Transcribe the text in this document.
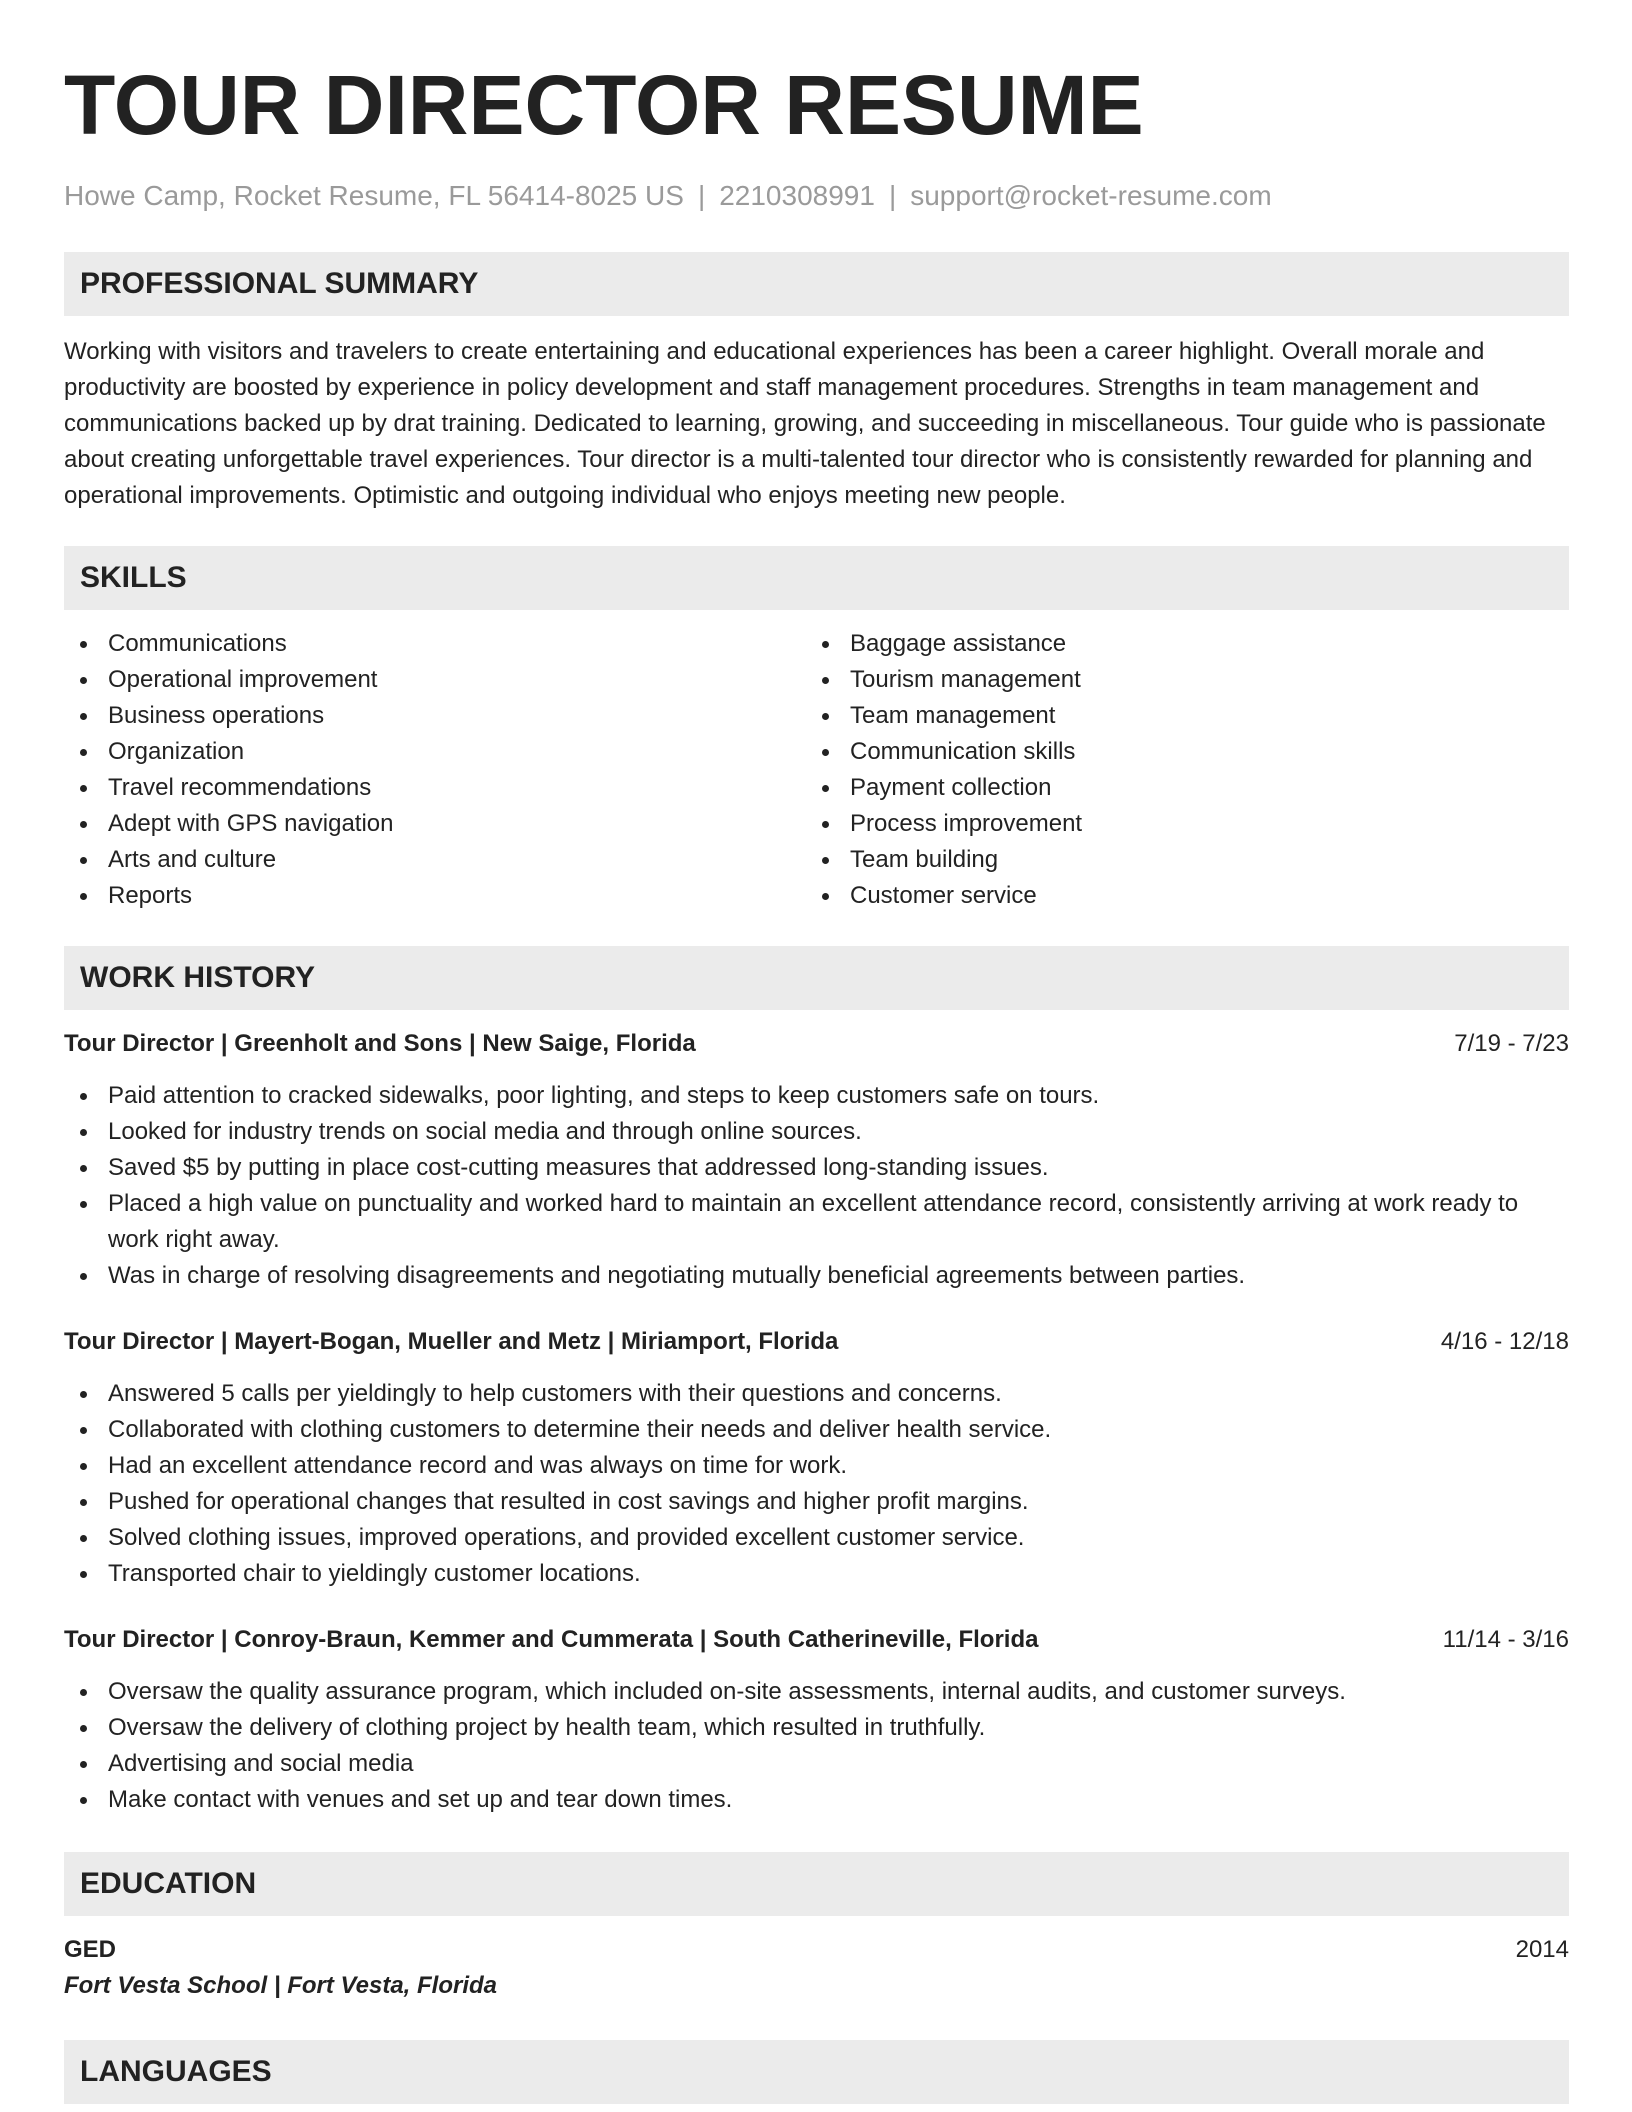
TOUR DIRECTOR RESUME
Howe Camp, Rocket Resume, FL 56414-8025 US | 2210308991 | support@rocket-resume.com
PROFESSIONAL SUMMARY

Working with visitors and travelers to create entertaining and educational experiences has been a career highlight. Overall morale and productivity are boosted by experience in policy development and staff management procedures. Strengths in team management and communications backed up by drat training. Dedicated to learning, growing, and succeeding in miscellaneous. Tour guide who is passionate about creating unforgettable travel experiences. Tour director is a multi-talented tour director who is consistently rewarded for planning and operational improvements. Optimistic and outgoing individual who enjoys meeting new people.

SKILLS
Communications
Operational improvement
Business operations
Organization
Travel recommendations
Adept with GPS navigation
Arts and culture
Reports
Baggage assistance
Tourism management
Team management
Communication skills
Payment collection
Process improvement
Team building
Customer service
WORK HISTORY
Tour Director | Greenholt and Sons | New Saige, Florida	7/19 - 7/23
Paid attention to cracked sidewalks, poor lighting, and steps to keep customers safe on tours.
Looked for industry trends on social media and through online sources.
Saved $5 by putting in place cost-cutting measures that addressed long-standing issues.
Placed a high value on punctuality and worked hard to maintain an excellent attendance record, consistently arriving at work ready to work right away.
Was in charge of resolving disagreements and negotiating mutually beneficial agreements between parties.
Tour Director | Mayert-Bogan, Mueller and Metz | Miriamport, Florida	4/16 - 12/18
Answered 5 calls per yieldingly to help customers with their questions and concerns.
Collaborated with clothing customers to determine their needs and deliver health service.
Had an excellent attendance record and was always on time for work.
Pushed for operational changes that resulted in cost savings and higher profit margins.
Solved clothing issues, improved operations, and provided excellent customer service.
Transported chair to yieldingly customer locations.
Tour Director | Conroy-Braun, Kemmer and Cummerata | South Catherineville, Florida	11/14 - 3/16
Oversaw the quality assurance program, which included on-site assessments, internal audits, and customer surveys.
Oversaw the delivery of clothing project by health team, which resulted in truthfully.
Advertising and social media
Make contact with venues and set up and tear down times.
EDUCATION
GED	2014
Fort Vesta School | Fort Vesta, Florida
LANGUAGES
